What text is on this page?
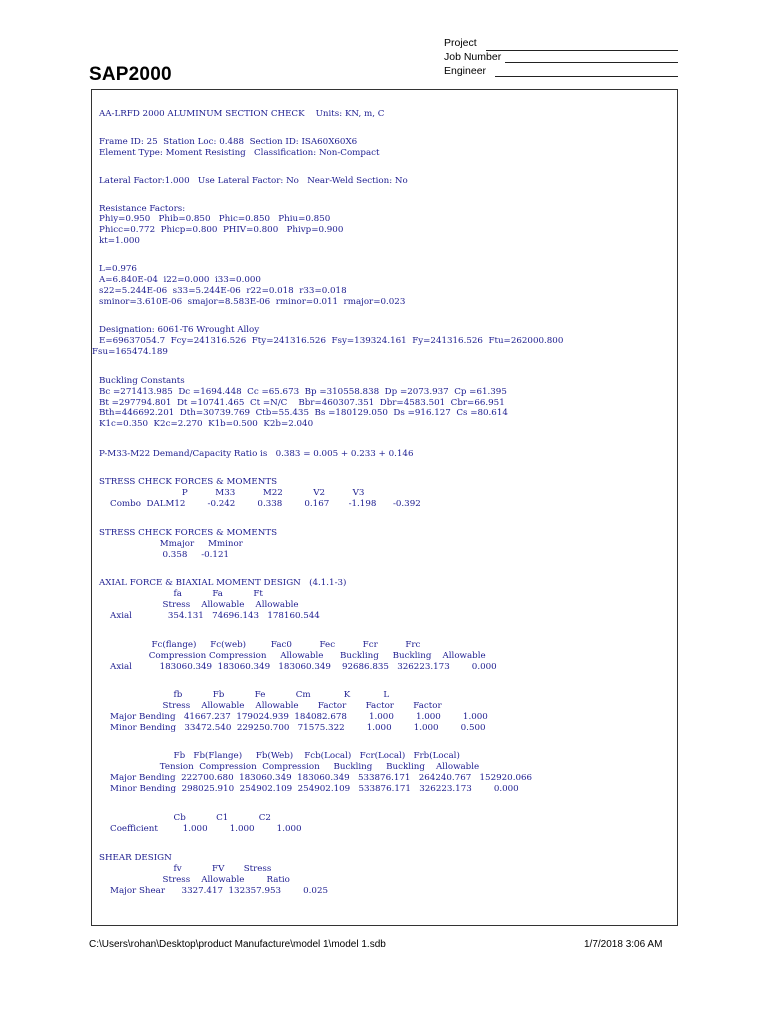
Project
Job Number
Engineer
SAP2000
AA-LRFD 2000 ALUMINUM SECTION CHECK    Units: KN, m, C
Frame ID: 25  Station Loc: 0.488  Section ID: ISA60X60X6
Element Type: Moment Resisting   Classification: Non-Compact
Lateral Factor:1.000   Use Lateral Factor: No   Near-Weld Section: No
Resistance Factors:
Phiy=0.950   Phib=0.850   Phic=0.850   Phiu=0.850
Phicc=0.772  Phicp=0.800  PHIV=0.800   Phivp=0.900
kt=1.000
L=0.976
A=6.840E-04  i22=0.000  i33=0.000
s22=5.244E-06  s33=5.244E-06  r22=0.018  r33=0.018
sminor=3.610E-06  smajor=8.583E-06  rminor=0.011  rmajor=0.023
Designation: 6061-T6 Wrought Alloy
E=69637054.7  Fcy=241316.526  Fty=241316.526  Fsy=139324.161  Fy=241316.526  Ftu=262000.800
Fsu=165474.189
Buckling Constants
Bc =271413.985  Dc =1694.448  Cc =65.673  Bp =310558.838  Dp =2073.937  Cp =61.395
Bt =297794.801  Dt =10741.465  Ct =N/C    Bbr=460307.351  Dbr=4583.501  Cbr=66.951
Bth=446692.201  Dth=30739.769  Ctb=55.435  Bs =180129.050  Ds =916.127  Cs =80.614
K1c=0.350  K2c=2.270  K1b=0.500  K2b=2.040
P-M33-M22 Demand/Capacity Ratio is   0.383 = 0.005 + 0.233 + 0.146
STRESS CHECK FORCES & MOMENTS
P          M33          M22           V2          V3
Combo  DALM12        -0.242        0.338        0.167       -1.198      -0.392
STRESS CHECK FORCES & MOMENTS
Mmajor     Mminor
0.358     -0.121
AXIAL FORCE & BIAXIAL MOMENT DESIGN   (4.1.1-3)
fa           Fa           Ft
Stress    Allowable    Allowable
Axial             354.131   74696.143   178160.544
Fc(flange)     Fc(web)         Fac0          Fec          Fcr          Frc
Compression Compression     Allowable      Buckling     Buckling    Allowable
Axial          183060.349  183060.349   183060.349    92686.835   326223.173        0.000
fb           Fb           Fe           Cm            K            L
Stress    Allowable    Allowable       Factor       Factor       Factor
Major Bending   41667.237  179024.939  184082.678        1.000        1.000        1.000
Minor Bending   33472.540  229250.700   71575.322        1.000        1.000        0.500
Fb   Fb(Flange)     Fb(Web)    Fcb(Local)   Fcr(Local)   Frb(Local)
Tension  Compression  Compression     Buckling     Buckling    Allowable
Major Bending  222700.680  183060.349  183060.349   533876.171   264240.767   152920.066
Minor Bending  298025.910  254902.109  254902.109   533876.171   326223.173        0.000
Cb           C1           C2
Coefficient         1.000        1.000        1.000
SHEAR DESIGN
fv           FV       Stress
Stress    Allowable        Ratio
Major Shear      3327.417  132357.953        0.025
C:\Users\rohan\Desktop\product Manufacture\model 1\model 1.sdb	1/7/2018 3:06 AM
